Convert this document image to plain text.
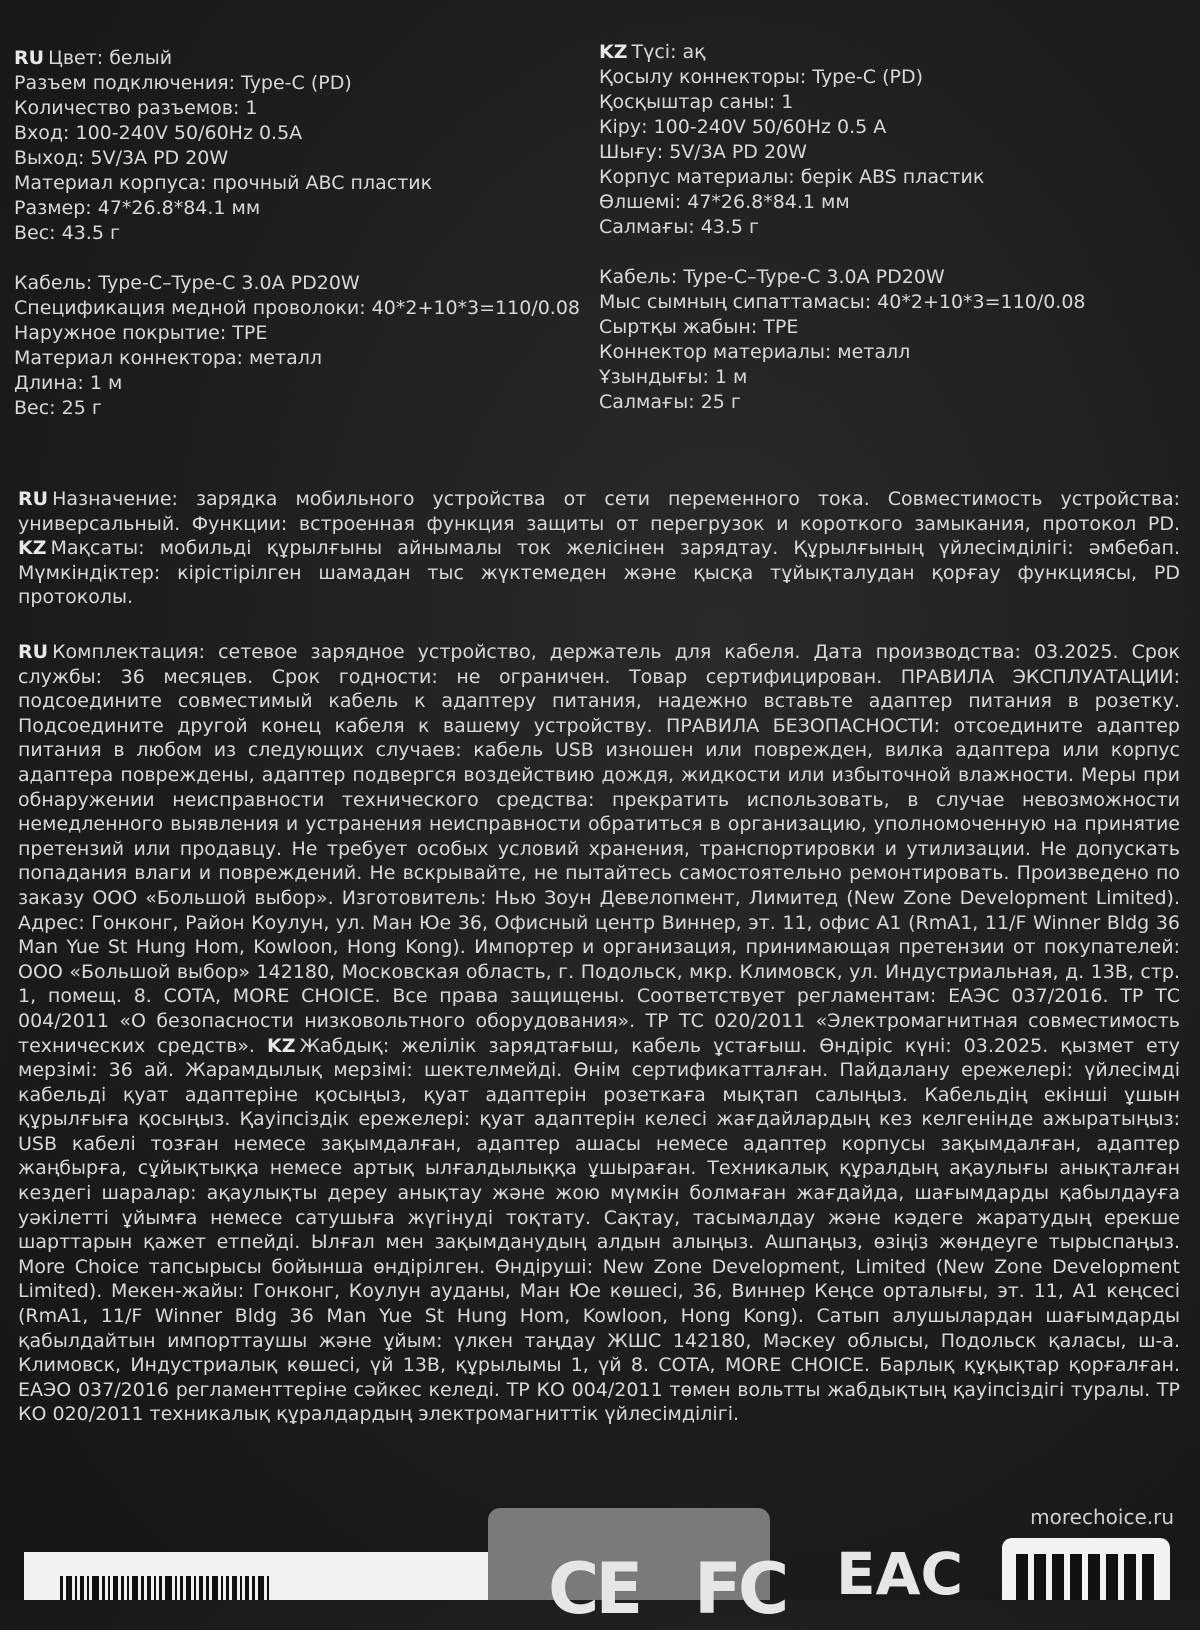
RU Цвет: белый
Разъем подключения: Type-C (PD)
Количество разъемов: 1
Вход: 100-240V 50/60Hz 0.5A
Выход: 5V/3A PD 20W
Материал корпуса: прочный ABC пластик
Размер: 47*26.8*84.1 мм
Вес: 43.5 г
Кабель: Type-C–Type-C 3.0A PD20W
Спецификация медной проволоки: 40*2+10*3=110/0.08
Наружное покрытие: TPE
Материал коннектора: металл
Длина: 1 м
Вес: 25 г
KZ Түсі: ақ
Қосылу коннекторы: Type-C (PD)
Қосқыштар саны: 1
Кіру: 100-240V 50/60Hz 0.5 A
Шығу: 5V/3A PD 20W
Корпус материалы: берік ABS пластик
Өлшемі: 47*26.8*84.1 мм
Салмағы: 43.5 г
Кабель: Type-C–Type-C 3.0A PD20W
Мыс сымның сипаттамасы: 40*2+10*3=110/0.08
Сыртқы жабын: TPE
Коннектор материалы: металл
Ұзындығы: 1 м
Салмағы: 25 г
RU Назначение: зарядка мобильного устройства от сети переменного тока. Совместимость устройства: универсальный. Функции: встроенная функция защиты от перегрузок и короткого замыкания, протокол PD. KZ Мақсаты: мобильді құрылғыны айнымалы ток желісінен зарядтау. Құрылғының үйлесімділігі: әмбебап. Мүмкіндіктер: кірістірілген шамадан тыс жүктемеден және қысқа тұйықталудан қорғау функциясы, PD протоколы.
RU Комплектация: сетевое зарядное устройство, держатель для кабеля. Дата производства: 03.2025. Срок службы: 36 месяцев. Срок годности: не ограничен. Товар сертифицирован. ПРАВИЛА ЭКСПЛУАТАЦИИ: подсоедините совместимый кабель к адаптеру питания, надежно вставьте адаптер питания в розетку. Подсоедините другой конец кабеля к вашему устройству. ПРАВИЛА БЕЗОПАСНОСТИ: отсоедините адаптер питания в любом из следующих случаев: кабель USB изношен или поврежден, вилка адаптера или корпус адаптера повреждены, адаптер подвергся воздействию дождя, жидкости или избыточной влажности. Меры при обнаружении неисправности технического средства: прекратить использовать, в случае невозможности немедленного выявления и устранения неисправности обратиться в организацию, уполномоченную на принятие претензий или продавцу. Не требует особых условий хранения, транспортировки и утилизации. Не допускать попадания влаги и повреждений. Не вскрывайте, не пытайтесь самостоятельно ремонтировать. Произведено по заказу ООО «Большой выбор». Изготовитель: Нью Зоун Девелопмент, Лимитед (New Zone Development Limited). Адрес: Гонконг, Район Коулун, ул. Ман Юе 36, Офисный центр Виннер, эт. 11, офис A1 (RmA1, 11/F Winner Bldg 36 Man Yue St Hung Hom, Kowloon, Hong Kong). Импортер и организация, принимающая претензии от покупателей: ООО «Большой выбор» 142180, Московская область, г. Подольск, мкр. Климовск, ул. Индустриальная, д. 13В, стр. 1, помещ. 8. COTA, MORE CHOICE. Все права защищены. Соответствует регламентам: ЕАЭС 037/2016. ТР ТС 004/2011 «О безопасности низковольтного оборудования». ТР ТС 020/2011 «Электромагнитная совместимость технических средств». KZ Жабдық: желілік зарядтағыш, кабель ұстағыш. Өндіріс күні: 03.2025. қызмет ету мерзімі: 36 ай. Жарамдылық мерзімі: шектелмейді. Өнім сертификатталған. Пайдалану ережелері: үйлесімді кабельді қуат адаптеріне қосыңыз, қуат адаптерін розеткаға мықтап салыңыз. Кабельдің екінші ұшын құрылғыға қосыңыз. Қауіпсіздік ережелері: қуат адаптерін келесі жағдайлардың кез келгенінде ажыратыңыз: USB кабелі тозған немесе зақымдалған, адаптер ашасы немесе адаптер корпусы зақымдалған, адаптер жаңбырға, сұйықтыққа немесе артық ылғалдылыққа ұшыраған. Техникалық құралдың ақаулығы анықталған кездегі шаралар: ақаулықты дереу анықтау және жою мүмкін болмаған жағдайда, шағымдарды қабылдауға уәкілетті ұйымға немесе сатушыға жүгінуді тоқтату. Сақтау, тасымалдау және кәдеге жаратудың ерекше шарттарын қажет етпейді. Ылғал мен зақымданудың алдын алыңыз. Ашпаңыз, өзіңіз жөндеуге тырыспаңыз. More Choice тапсырысы бойынша өндірілген. Өндіруші: New Zone Development, Limited (New Zone Development Limited). Мекен-жайы: Гонконг, Коулун ауданы, Ман Юе көшесі, 36, Виннер Кеңсе орталығы, эт. 11, A1 кеңсесі (RmA1, 11/F Winner Bldg 36 Man Yue St Hung Hom, Kowloon, Hong Kong). Сатып алушылардан шағымдарды қабылдайтын импорттаушы және ұйым: үлкен таңдау ЖШС 142180, Мәскеу облысы, Подольск қаласы, ш-а. Климовск, Индустриалық көшесі, үй 13В, құрылымы 1, үй 8. COTA, MORE CHOICE. Барлық құқықтар қорғалған. ЕАЭО 037/2016 регламенттеріне сәйкес келеді. ТР КО 004/2011 төмен вольтты жабдықтың қауіпсіздігі туралы. ТР КО 020/2011 техникалық құралдардың электромагниттік үйлесімділігі.
morechoice.ru
CE FC EAC
